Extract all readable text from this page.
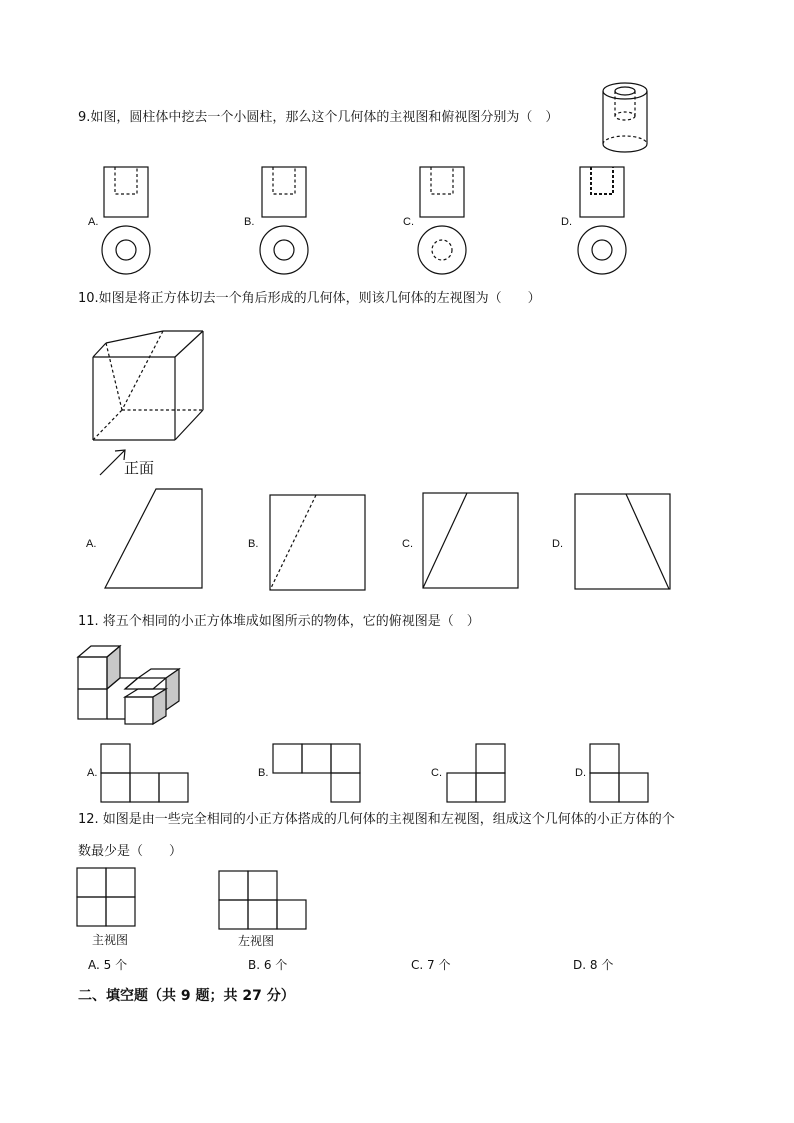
9.如图，圆柱体中挖去一个小圆柱，那么这个几何体的主视图和俯视图分别为（　）
A.	B.	C.	D.
10.如图是将正方体切去一个角后形成的几何体，则该几何体的左视图为（　　）
正面
A.	B.	C.	D.
11. 将五个相同的小正方体堆成如图所示的物体，它的俯视图是（　）
A.	B.	C.	D.
12. 如图是由一些完全相同的小正方体搭成的几何体的主视图和左视图，组成这个几何体的小正方体的个
数最少是（　　）
主视图	左视图
A. 5 个	B. 6 个	C. 7 个	D. 8 个
二、填空题（共 9 题；共 27 分）
